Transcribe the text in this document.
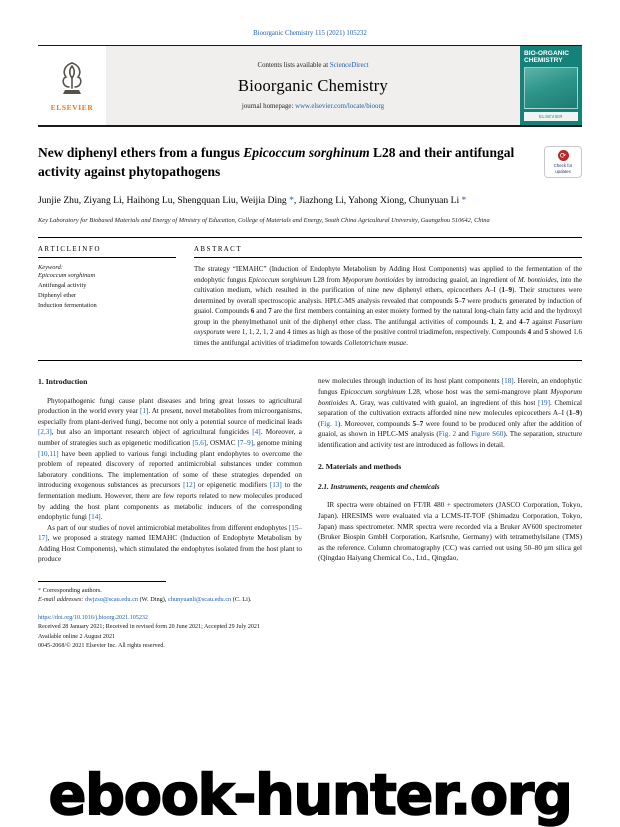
Bioorganic Chemistry 115 (2021) 105232
ELSEVIER
Contents lists available at ScienceDirect
Bioorganic Chemistry
journal homepage: www.elsevier.com/locate/bioorg
BIO-ORGANIC CHEMISTRY
ELSEVIER
New diphenyl ethers from a fungus Epicoccum sorghinum L28 and their antifungal activity against phytopathogens
⟳
Check for updates
Junjie Zhu, Ziyang Li, Haihong Lu, Shengquan Liu, Weijia Ding *, Jiazhong Li, Yahong Xiong, Chunyuan Li *
Key Laboratory for Biobased Materials and Energy of Ministry of Education, College of Materials and Energy, South China Agricultural University, Guangzhou 510642, China
A R T I C L E I N F O
Keyword:
Epicoccum sorghinum
Antifungal activity
Diphenyl ether
Induction fermentation
A B S T R A C T
The strategy “IEMAHC” (Induction of Endophyte Metabolism by Adding Host Components) was applied to the fermentation of the endophytic fungus Epicoccum sorghinum L28 from Myoporum bontioides by introducing guaiol, an ingredient of M. bontioides, into the cultivation medium, which resulted in the purification of nine new diphenyl ethers, epicocethers A–I (1–9). Their structures were determined by overall spectroscopic analysis. HPLC-MS analysis revealed that compounds 5–7 were products generated by induction of guaiol. Compounds 6 and 7 are the first members containing an ester moiety formed by the natural long-chain fatty acid and the hydroxyl group in the phenylmethanol unit of the diphenyl ether class. The antifungal activities of compounds 1, 2, and 4–7 against Fusarium oxysporum were 1, 1, 2, 1, 2 and 4 times as high as those of the positive control triadimefon, respectively. Compounds 4 and 5 showed 1.6 times the antifungal activities of triadimefon towards Colletotrichum musae.
1. Introduction

Phytopathogenic fungi cause plant diseases and bring great losses to agricultural production in the world every year [1]. At present, novel metabolites from microorganisms, especially from plant-derived fungi, become not only a potential source of medicinal leads [2,3], but also an important research object of agricultural fungicides [4]. Moreover, a number of strategies such as epigenetic modification [5,6], OSMAC [7–9], genome mining [10,11] have been applied to various fungi including plant endophytes to overcome the problem of repeated discovery of reported antimicrobial substances under common laboratory conditions. The implementation of some of these strategies depended on introducing exogenous substances as precursors [12] or epigenetic modifiers [13] to the fermentation medium. However, there are few reports related to new molecules produced by adding the host plant components as metabolic inducers of the corresponding endophytic fungi [14].

As part of our studies of novel antimicrobial metabolites from different endophytes [15–17], we proposed a strategy named IEMAHC (Induction of Endophyte Metabolism by Adding Host Components), which stimulated the endophytes isolated from the host plant to produce

new molecules through induction of its host plant components [18]. Herein, an endophytic fungus Epicoccum sorghinum L28, whose host was the semi-mangrove plant Myoporum bontioides A. Gray, was cultivated with guaiol, an ingredient of this host [19]. Chemical separation of the cultivation extracts afforded nine new molecules epicocethers A–I (1–9) (Fig. 1). Moreover, compounds 5–7 were found to be produced only after the addition of guaiol, as shown in HPLC-MS analysis (Fig. 2 and Figure S60). The separation, structure identification and activity test are introduced as follows in detail.

2. Materials and methods
2.1. Instruments, reagents and chemicals

IR spectra were obtained on FT/IR 480 + spectrometers (JASCO Corporation, Tokyo, Japan). HRESIMS were evaluated via a LCMS-IT-TOF (Shimadzu Corporation, Tokyo, Japan) mass spectrometer. NMR spectra were recorded via a Bruker AV600 spectrometer (Bruker Biospin GmbH Corporation, Karlsruhe, Germany) with tetramethylsilane (TMS) as the reference. Column chromatography (CC) was carried out using 50–80 μm silica gel (Qingdao Haiyang Chemical Co., Ltd., Qingdao,

* Corresponding authors.
E-mail addresses: dwjzsu@scau.edu.cn (W. Ding), chunyuanli@scau.edu.cn (C. Li).
https://doi.org/10.1016/j.bioorg.2021.105232
Received 28 January 2021; Received in revised form 20 June 2021; Accepted 29 July 2021
Available online 2 August 2021
0045-2068/© 2021 Elsevier Inc. All rights reserved.
ebook-hunter.org
